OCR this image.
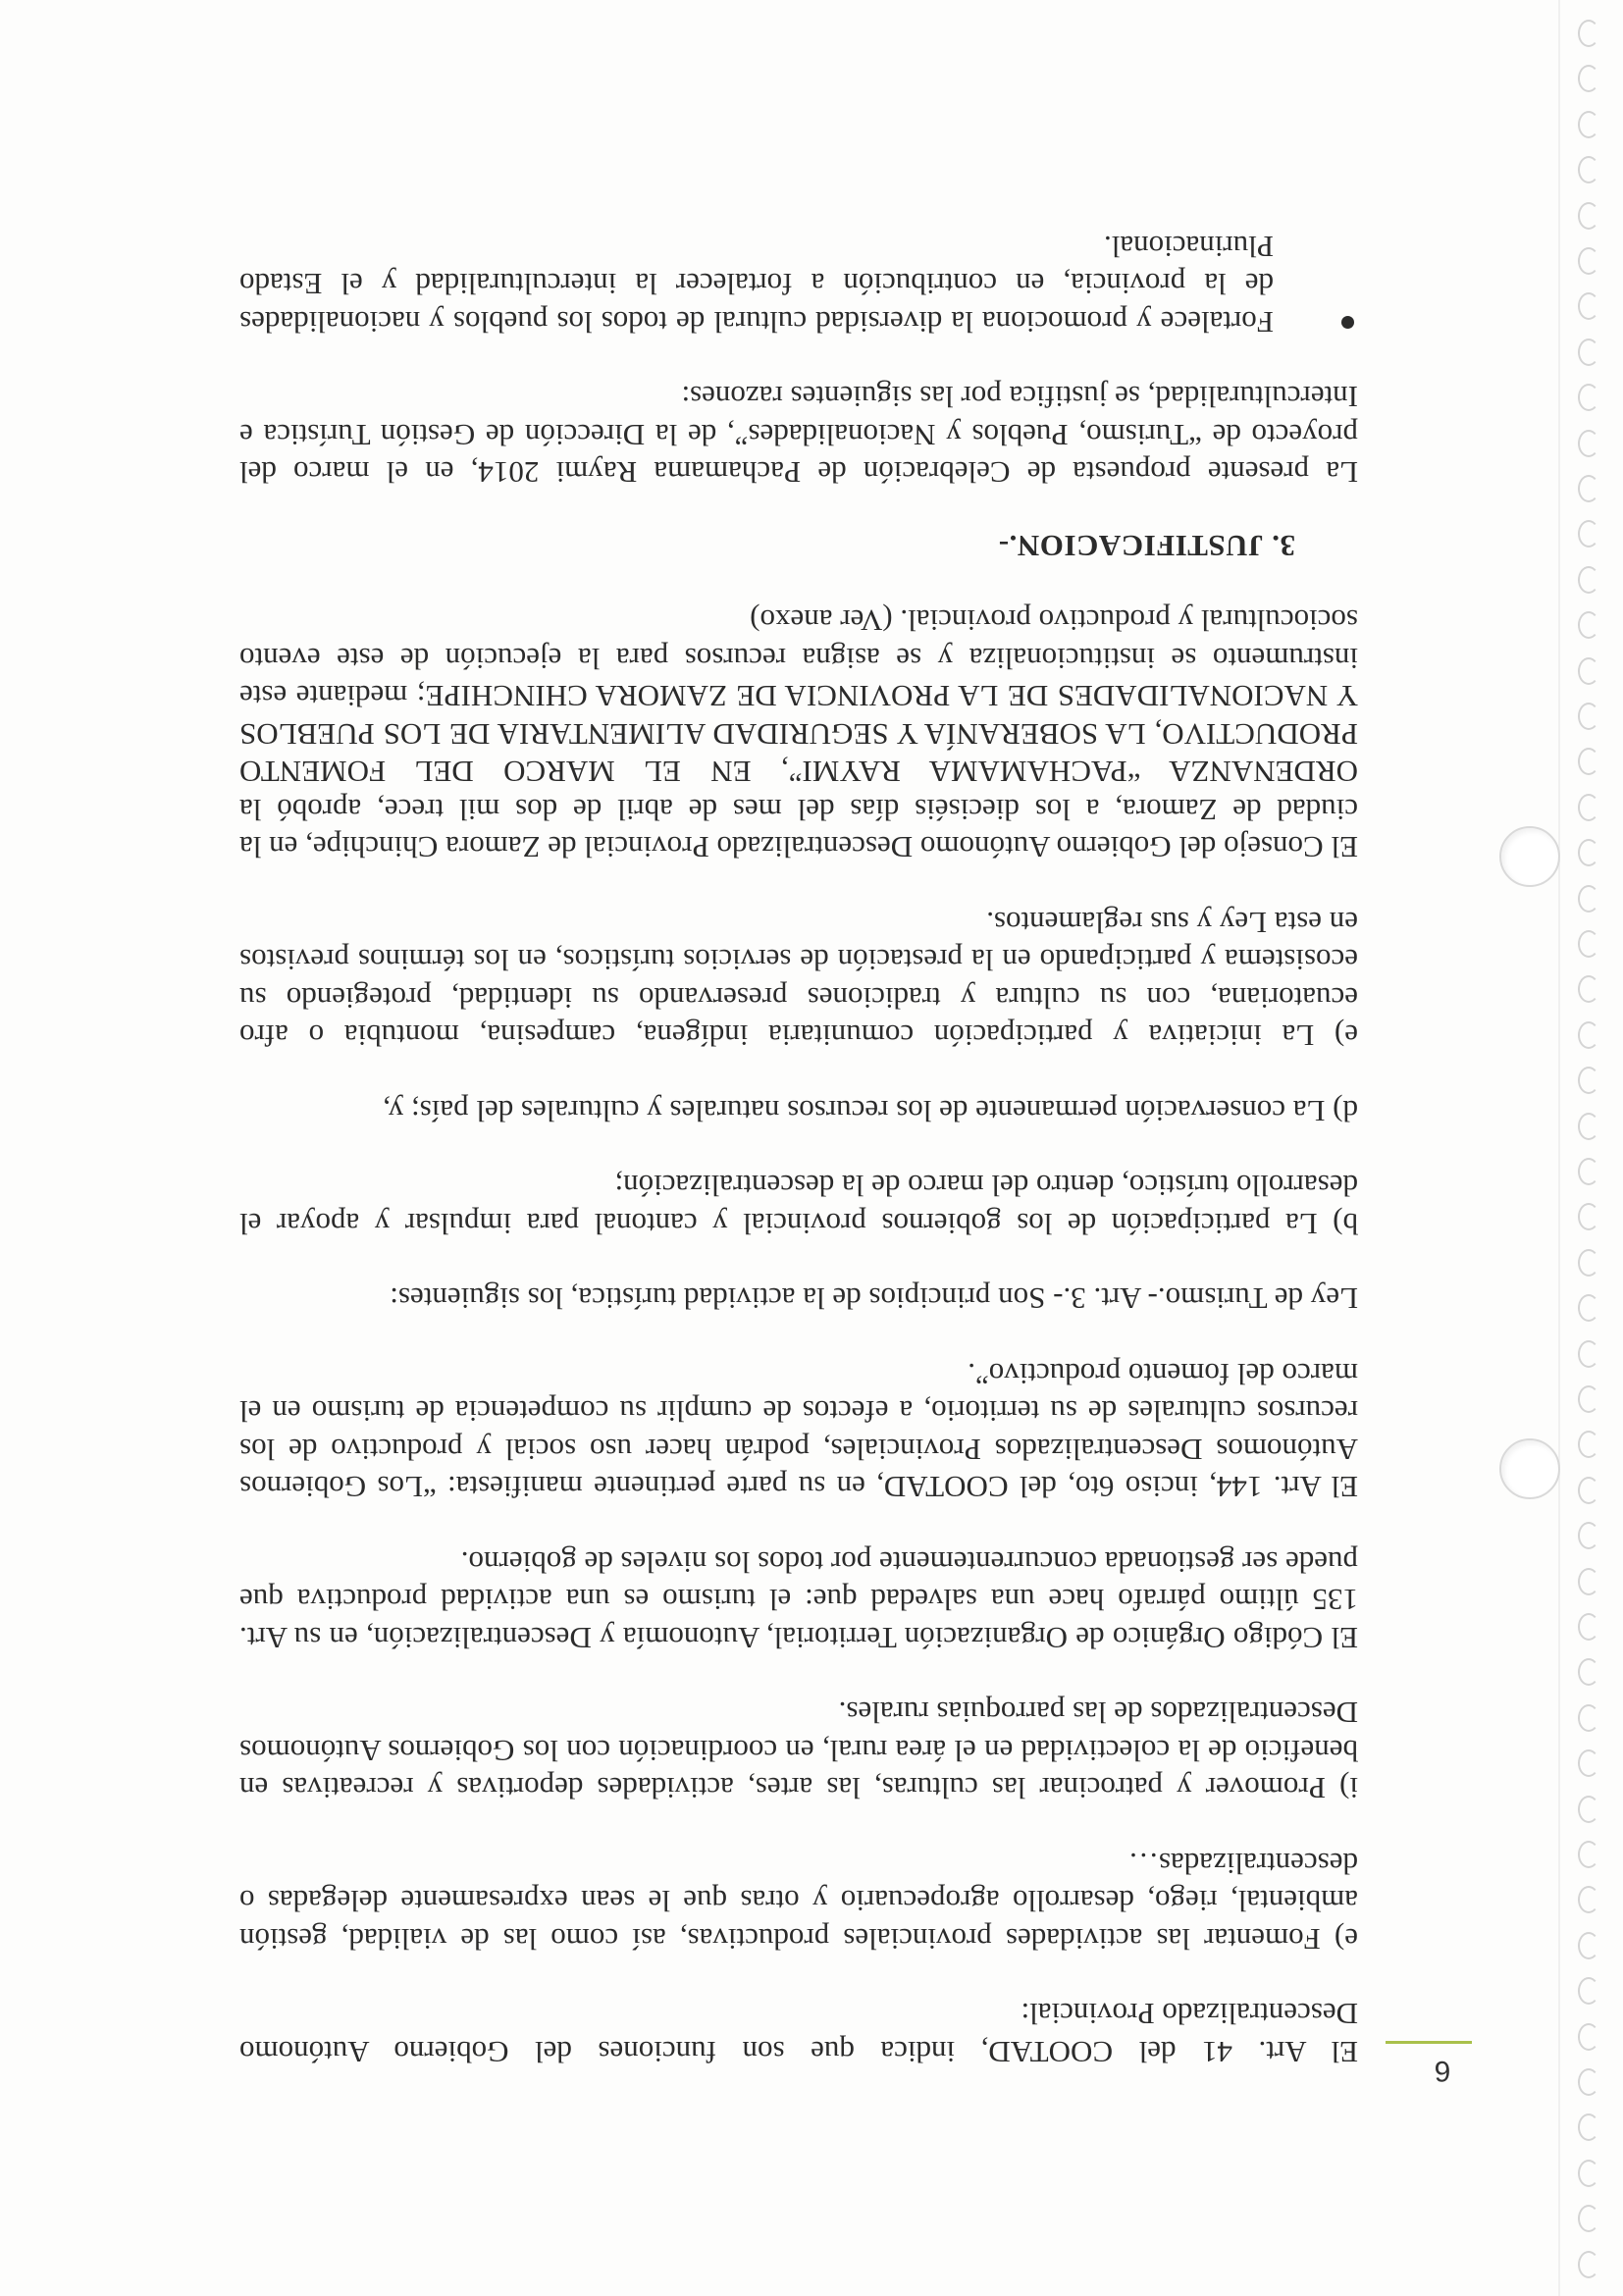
El Art. 41 del COOTAD, indica que son funciones del Gobierno Autónomo Descentralizado Provincial:

e) Fomentar las actividades provinciales productivas, así como las de vialidad, gestión ambiental, riego, desarrollo agropecuario y otras que le sean expresamente delegadas o descentralizadas…

i) Promover y patrocinar las culturas, las artes, actividades deportivas y recreativas en beneficio de la colectividad en el área rural, en coordinación con los Gobiernos Autónomos Descentralizados de las parroquias rurales.

El Código Orgánico de Organización Territorial, Autonomía y Descentralización, en su Art. 135 último párrafo hace una salvedad que: el turismo es una actividad productiva que puede ser gestionada concurrentemente por todos los niveles de gobierno.

El Art. 144, inciso 6to, del COOTAD, en su parte pertinente manifiesta: “Los Gobiernos Autónomos Descentralizados Provinciales, podrán hacer uso social y productivo de los recursos culturales de su territorio, a efectos de cumplir su competencia de turismo en el marco del fomento productivo”.

Ley de Turismo.- Art. 3.- Son principios de la actividad turística, los siguientes:

b) La participación de los gobiernos provincial y cantonal para impulsar y apoyar el desarrollo turístico, dentro del marco de la descentralización;

d) La conservación permanente de los recursos naturales y culturales del país; y,

e) La iniciativa y participación comunitaria indígena, campesina, montubia o afro ecuatoriana, con su cultura y tradiciones preservando su identidad, protegiendo su ecosistema y participando en la prestación de servicios turísticos, en los términos previstos en esta Ley y sus reglamentos.

El Consejo del Gobierno Autónomo Descentralizado Provincial de Zamora Chinchipe, en la ciudad de Zamora, a los dieciséis días del mes de abril de dos mil trece, aprobó la ORDENANZA “PACHAMAMA RAYMI”, EN EL MARCO DEL FOMENTO PRODUCTIVO, LA SOBERANÍA Y SEGURIDAD ALIMENTARIA DE LOS PUEBLOS Y NACIONALIDADES DE LA PROVINCIA DE ZAMORA CHINCHIPE; mediante este instrumento se institucionaliza y se asigna recursos para la ejecución de este evento sociocultural y productivo provincial. (Ver anexo)

3. JUSTIFICACION.-

La presente propuesta de Celebración de Pachamama Raymi 2014, en el marco del proyecto de “Turismo, Pueblos y Nacionalidades”, de la Dirección de Gestión Turística e Interculturalidad, se justifica por las siguientes razones:

Fortalece y promociona la diversidad cultural de todos los pueblos y nacionalidades de la provincia, en contribución a fortalecer la interculturalidad y el Estado Plurinacional.
6
